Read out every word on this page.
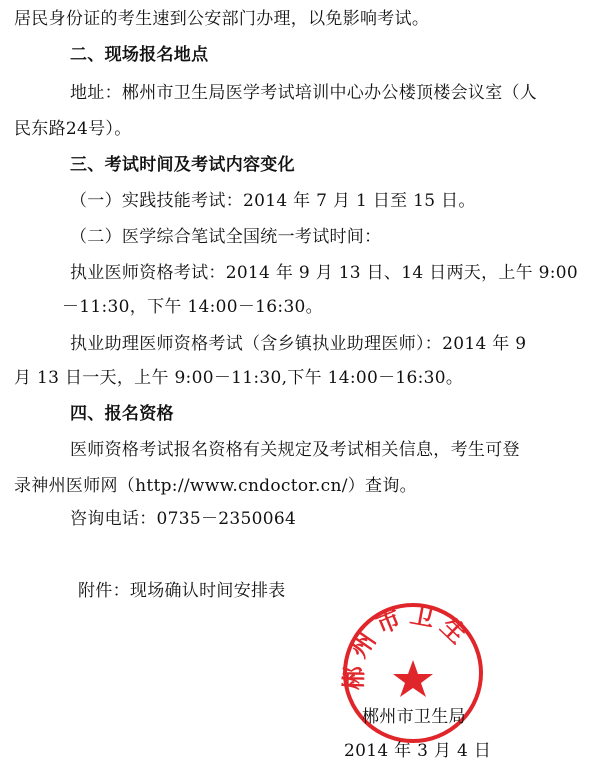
居民身份证的考生速到公安部门办理，以免影响考试。
二、现场报名地点
地址：郴州市卫生局医学考试培训中心办公楼顶楼会议室（人
民东路24号）。
三、考试时间及考试内容变化
（一）实践技能考试：2014 年 7 月 1 日至 15 日。
（二）医学综合笔试全国统一考试时间：
执业医师资格考试：2014 年 9 月 13 日、14 日两天，上午 9:00
－11:30，下午 14:00－16:30。
执业助理医师资格考试（含乡镇执业助理医师）：2014 年 9
月 13 日一天，上午 9:00－11:30,下午 14:00－16:30。
四、报名资格
医师资格考试报名资格有关规定及考试相关信息，考生可登
录神州医师网（http://www.cndoctor.cn/）查询。
咨询电话：0735－2350064
附件：现场确认时间安排表
郴州市卫生
郴州市卫生局
2014 年 3 月 4 日
